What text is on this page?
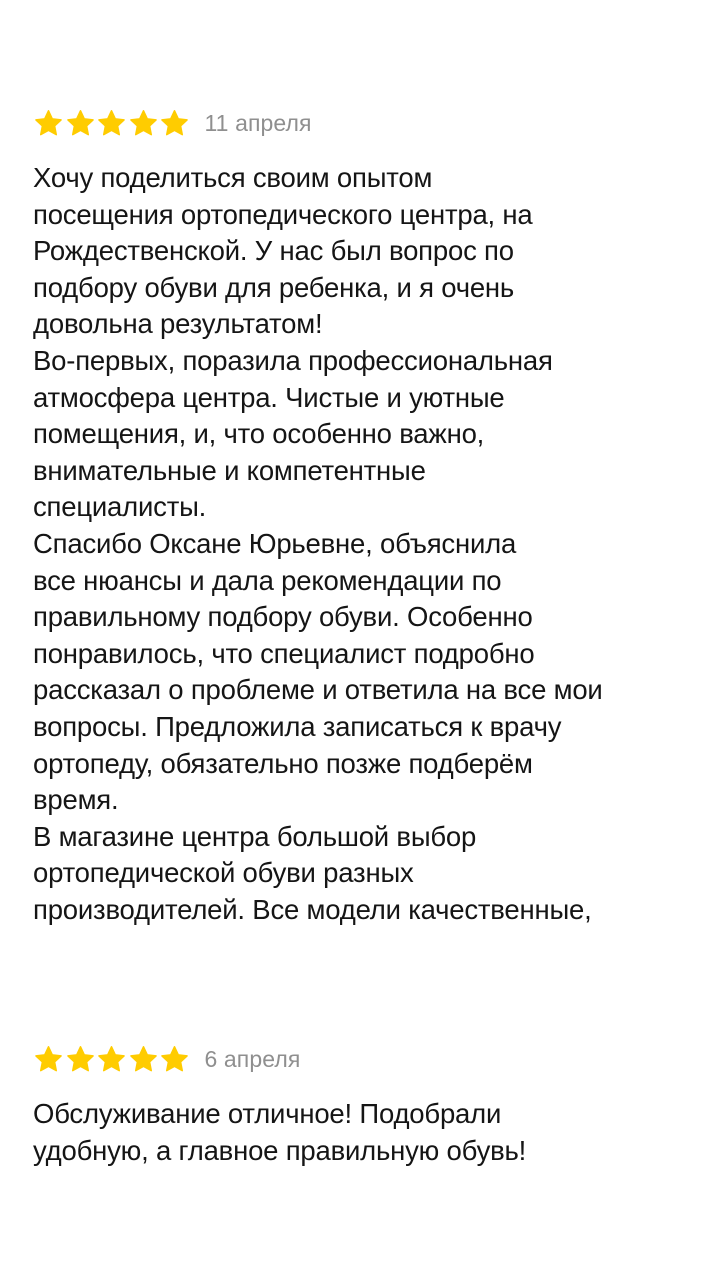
11 апреля

Хочу поделиться своим опытом
посещения ортопедического центра, на
Рождественской. У нас был вопрос по
подбору обуви для ребенка, и я очень
довольна результатом!

Во-первых, поразила профессиональная
атмосфера центра. Чистые и уютные
помещения, и, что особенно важно,
внимательные и компетентные
специалисты.

Спасибо Оксане Юрьевне, объяснила
все нюансы и дала рекомендации по
правильному подбору обуви. Особенно
понравилось, что специалист подробно
рассказал о проблеме и ответила на все мои
вопросы. Предложила записаться к врачу
ортопеду, обязательно позже подберём
время.

В магазине центра большой выбор
ортопедической обуви разных
производителей. Все модели качественные,

6 апреля

Обслуживание отличное! Подобрали
удобную, а главное правильную обувь!
